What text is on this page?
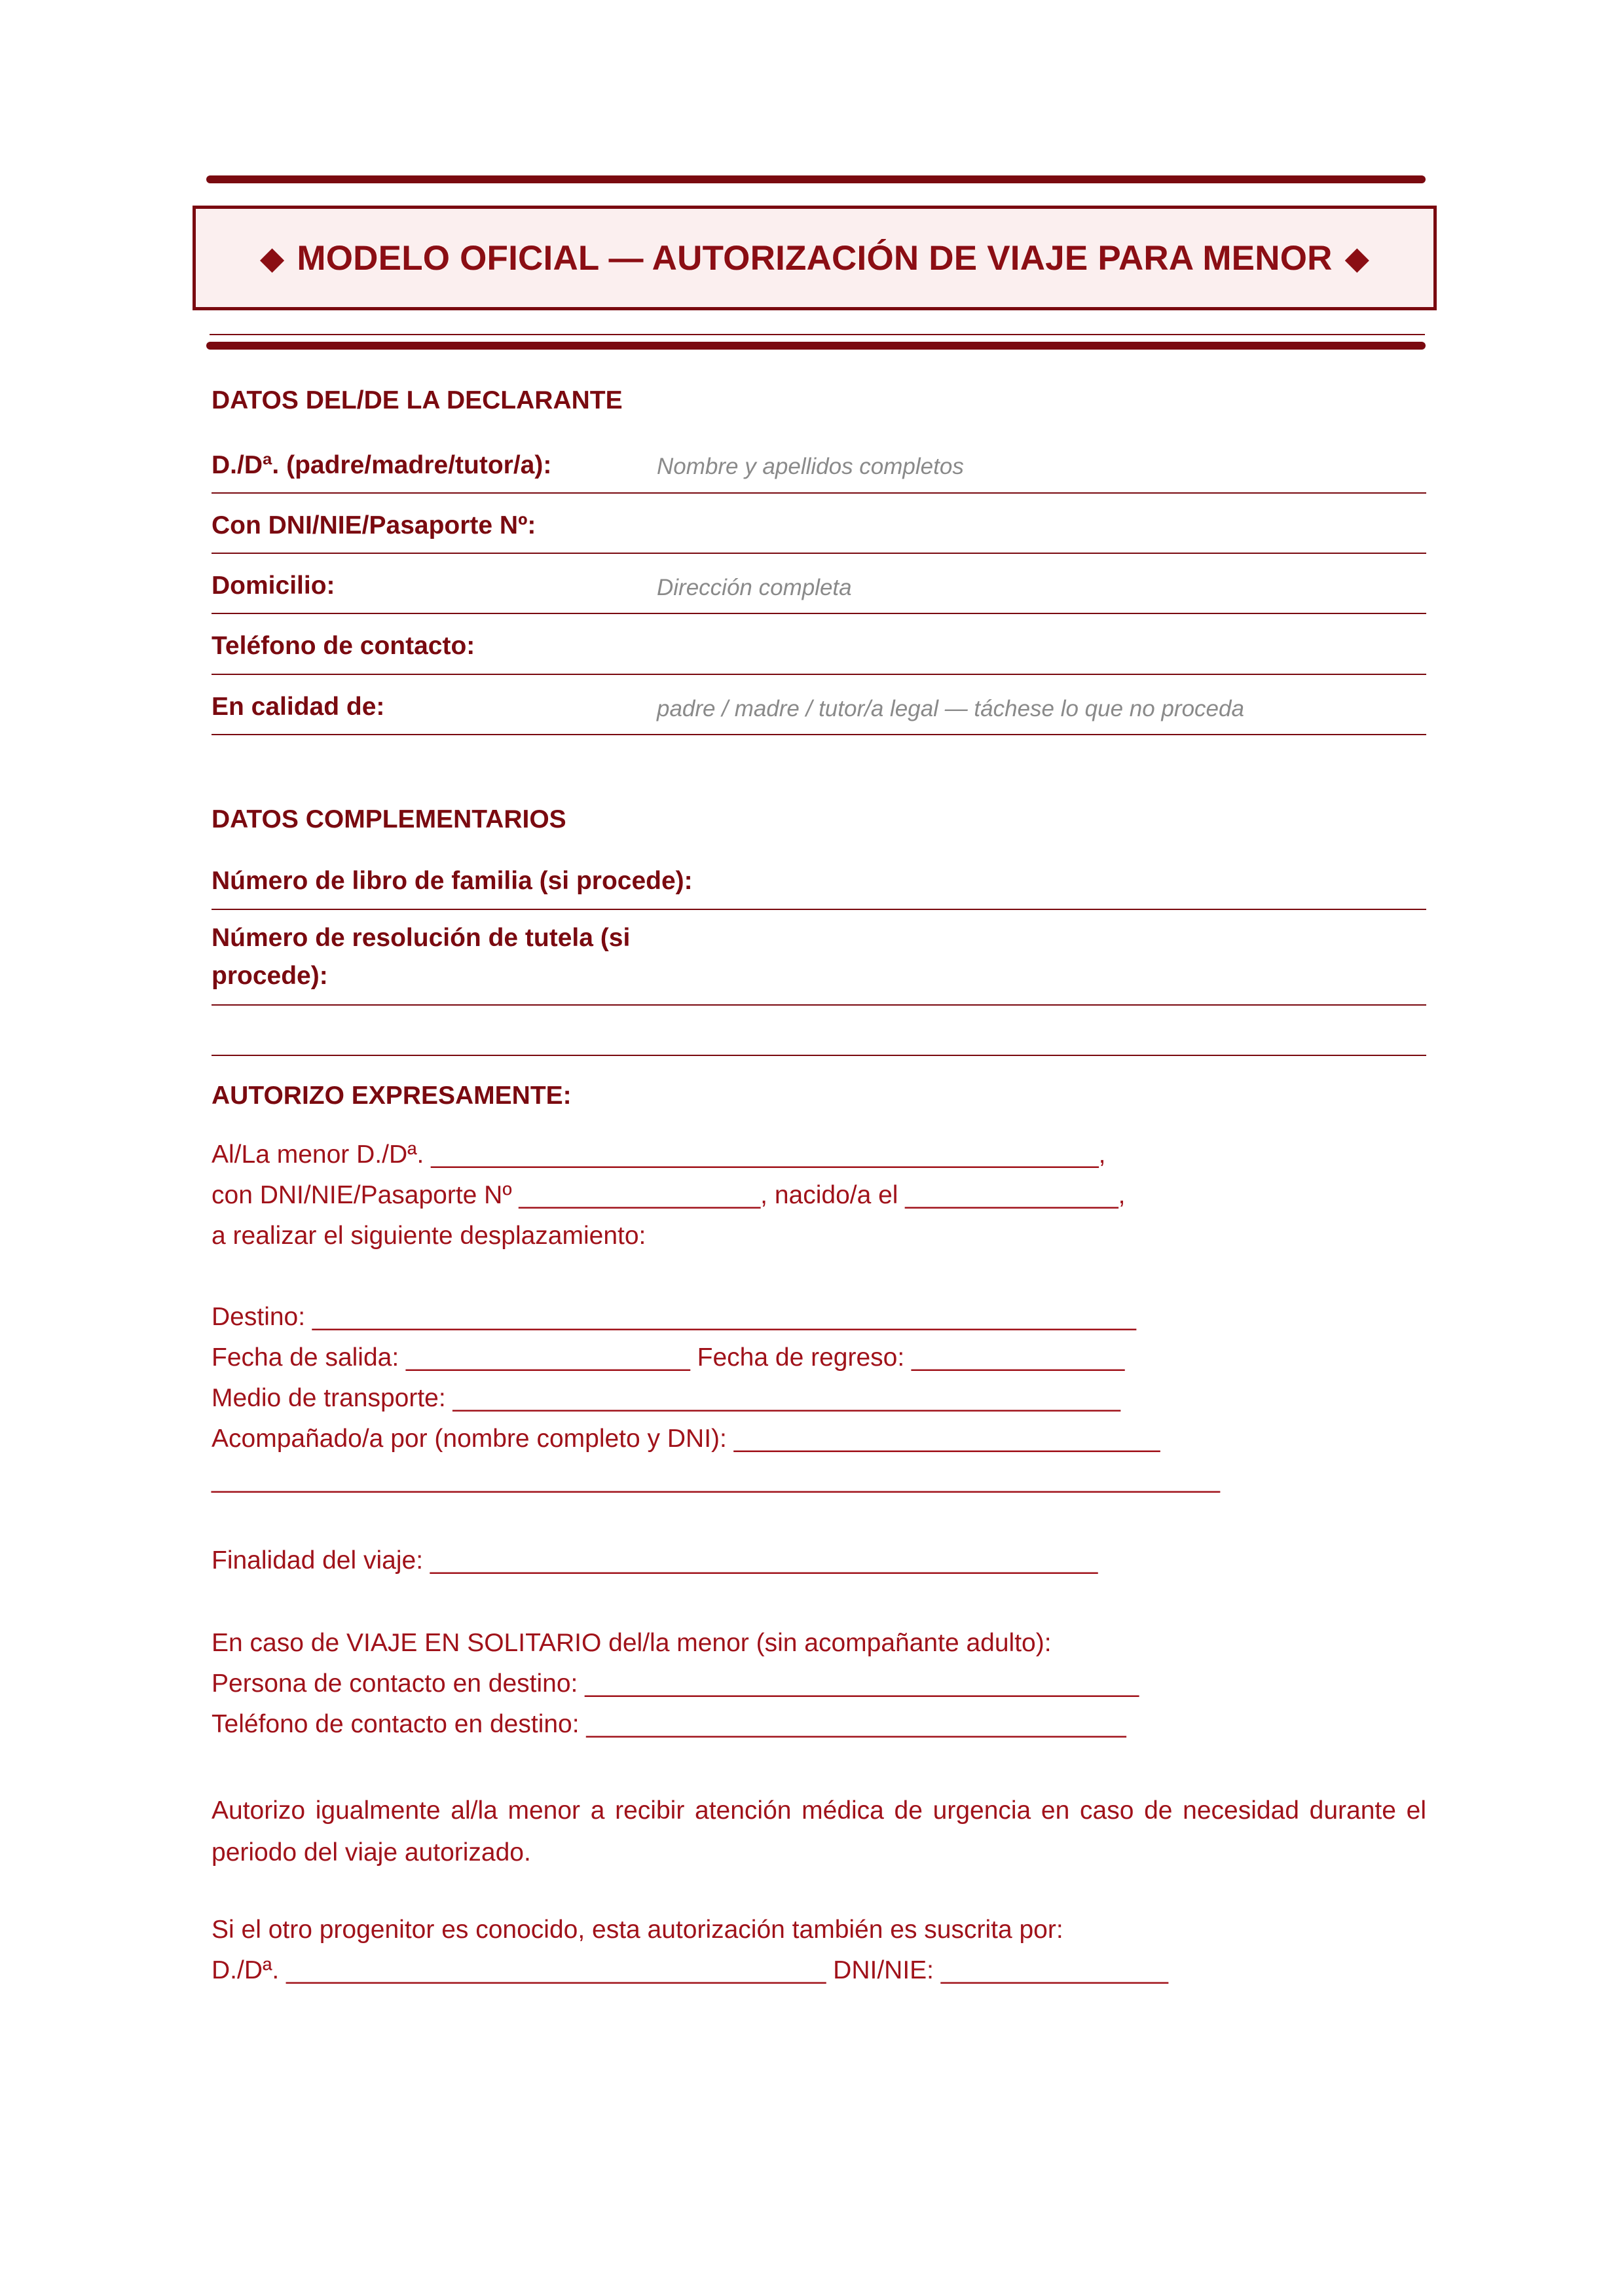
◆ MODELO OFICIAL — AUTORIZACIÓN DE VIAJE PARA MENOR ◆
DATOS DEL/DE LA DECLARANTE
D./Dª. (padre/madre/tutor/a):	Nombre y apellidos completos
Con DNI/NIE/Pasaporte Nº:
Domicilio:	Dirección completa
Teléfono de contacto:
En calidad de:	padre / madre / tutor/a legal — táchese lo que no proceda
DATOS COMPLEMENTARIOS
Número de libro de familia (si procede):
Número de resolución de tutela (si
procede):
AUTORIZO EXPRESAMENTE:
Al/La menor D./Dª. _______________________________________________,
con DNI/NIE/Pasaporte Nº _________________, nacido/a el _______________,
a realizar el siguiente desplazamiento:
Destino: __________________________________________________________
Fecha de salida: ____________________ Fecha de regreso: _______________
Medio de transporte: _______________________________________________
Acompañado/a por (nombre completo y DNI): ______________________________
_______________________________________________________________________
Finalidad del viaje: _______________________________________________
En caso de VIAJE EN SOLITARIO del/la menor (sin acompañante adulto):
Persona de contacto en destino: _______________________________________
Teléfono de contacto en destino: ______________________________________
Autorizo igualmente al/la menor a recibir atención médica de urgencia en caso de necesidad durante el periodo del viaje autorizado.
Si el otro progenitor es conocido, esta autorización también es suscrita por:
D./Dª. ______________________________________ DNI/NIE: ________________
